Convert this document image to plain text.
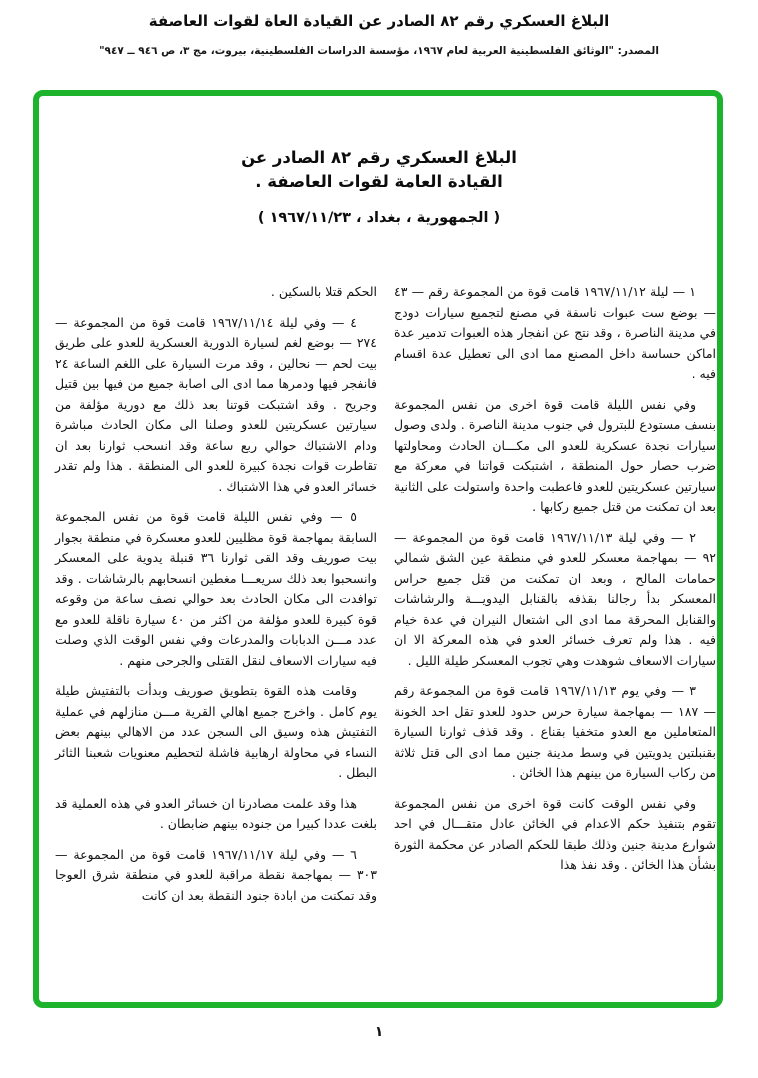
البلاغ العسكري رقم ٨٢ الصادر عن القيادة العاة لقوات العاصفة
المصدر: "الوثائق الفلسطينية العربية لعام ١٩٦٧، مؤسسة الدراسات الفلسطينية، بيروت، مج ٣، ص ٩٤٦ ــ ٩٤٧"
البلاغ العسكري رقم ٨٢ الصادر عن
القيادة العامة لقوات العاصفة .
( الجمهورية ، بغداد ، ١٩٦٧/١١/٢٣ )

١ — ليلة ١٩٦٧/١١/١٢ قامت قوة من المجموعة رقم — ٤٣ — بوضع ست عبوات ناسفة في مصنع لتجميع سيارات دودج في مدينة الناصرة ، وقد نتج عن انفجار هذه العبوات تدمير عدة اماكن حساسة داخل المصنع مما ادى الى تعطيل عدة اقسام فيه .

وفي نفس الليلة قامت قوة اخرى من نفس المجموعة بنسف مستودع للبترول في جنوب مدينة الناصرة . ولدى وصول سيارات نجدة عسكرية للعدو الى مكـــان الحادث ومحاولتها ضرب حصار حول المنطقة ، اشتبكت قواتنا في معركة مع سيارتين عسكريتين للعدو فاعطبت واحدة واستولت على الثانية بعد ان تمكنت من قتل جميع ركابها .

٢ — وفي ليلة ١٩٦٧/١١/١٣ قامت قوة من المجموعة — ٩٢ — بمهاجمة معسكر للعدو في منطقة عين الشق شمالي حمامات المالح ، وبعد ان تمكنت من قتل جميع حراس المعسكر بدأ رجالنا بقذفه بالقنابل اليدويـــة والرشاشات والقنابل المحرقة مما ادى الى اشتعال النيران في عدة خيام فيه . هذا ولم تعرف خسائر العدو في هذه المعركة الا ان سيارات الاسعاف شوهدت وهي تجوب المعسكر طيلة الليل .

٣ — وفي يوم ١٩٦٧/١١/١٣ قامت قوة من المجموعة رقم — ١٨٧ — بمهاجمة سيارة حرس حدود للعدو تقل احد الخونة المتعاملين مع العدو متخفيا بقناع . وقد قذف ثوارنا السيارة بقنبلتين يدويتين في وسط مدينة جنين مما ادى الى قتل ثلاثة من ركاب السيارة من بينهم هذا الخائن .

وفي نفس الوقت كانت قوة اخرى من نفس المجموعة تقوم بتنفيذ حكم الاعدام في الخائن عادل متقـــال في احد شوارع مدينة جنين وذلك طبقا للحكم الصادر عن محكمة الثورة بشأن هذا الخائن . وقد نفذ هذا

الحكم قتلا بالسكين .

٤ — وفي ليلة ١٩٦٧/١١/١٤ قامت قوة من المجموعة — ٢٧٤ — بوضع لغم لسيارة الدورية العسكرية للعدو على طريق بيت لحم — نحالين ، وقد مرت السيارة على اللغم الساعة ٢٤ فانفجر فيها ودمرها مما ادى الى اصابة جميع من فيها بين قتيل وجريح . وقد اشتبكت قوتنا بعد ذلك مع دورية مؤلفة من سيارتين عسكريتين للعدو وصلنا الى مكان الحادث مباشرة ودام الاشتباك حوالي ربع ساعة وقد انسحب ثوارنا بعد ان تقاطرت قوات نجدة كبيرة للعدو الى المنطقة . هذا ولم تقدر خسائر العدو في هذا الاشتباك .

٥ — وفي نفس الليلة قامت قوة من نفس المجموعة السابقة بمهاجمة قوة مظليين للعدو معسكرة في منطقة بجوار بيت صوريف وقد القى ثوارنا ٣٦ قنبلة يدوية على المعسكر وانسحبوا بعد ذلك سريعـــا مغطين انسحابهم بالرشاشات . وقد توافدت الى مكان الحادث بعد حوالي نصف ساعة من وقوعه قوة كبيرة للعدو مؤلفة من اكثر من ٤٠ سيارة ناقلة للعدو مع عدد مـــن الدبابات والمدرعات وفي نفس الوقت الذي وصلت فيه سيارات الاسعاف لنقل القتلى والجرحى منهم .

وقامت هذه القوة بتطويق صوريف وبدأت بالتفتيش طيلة يوم كامل . واخرج جميع اهالي القرية مـــن منازلهم في عملية التفتيش هذه وسيق الى السجن عدد من الاهالي بينهم بعض النساء في محاولة ارهابية فاشلة لتحطيم معنويات شعبنا الثائر البطل .

هذا وقد علمت مصادرنا ان خسائر العدو في هذه العملية قد بلغت عددا كبيرا من جنوده بينهم ضابطان .

٦ — وفي ليلة ١٩٦٧/١١/١٧ قامت قوة من المجموعة — ٣٠٣ — بمهاجمة نقطة مراقبة للعدو في منطقة شرق العوجا وقد تمكنت من ابادة جنود النقطة بعد ان كانت

١
